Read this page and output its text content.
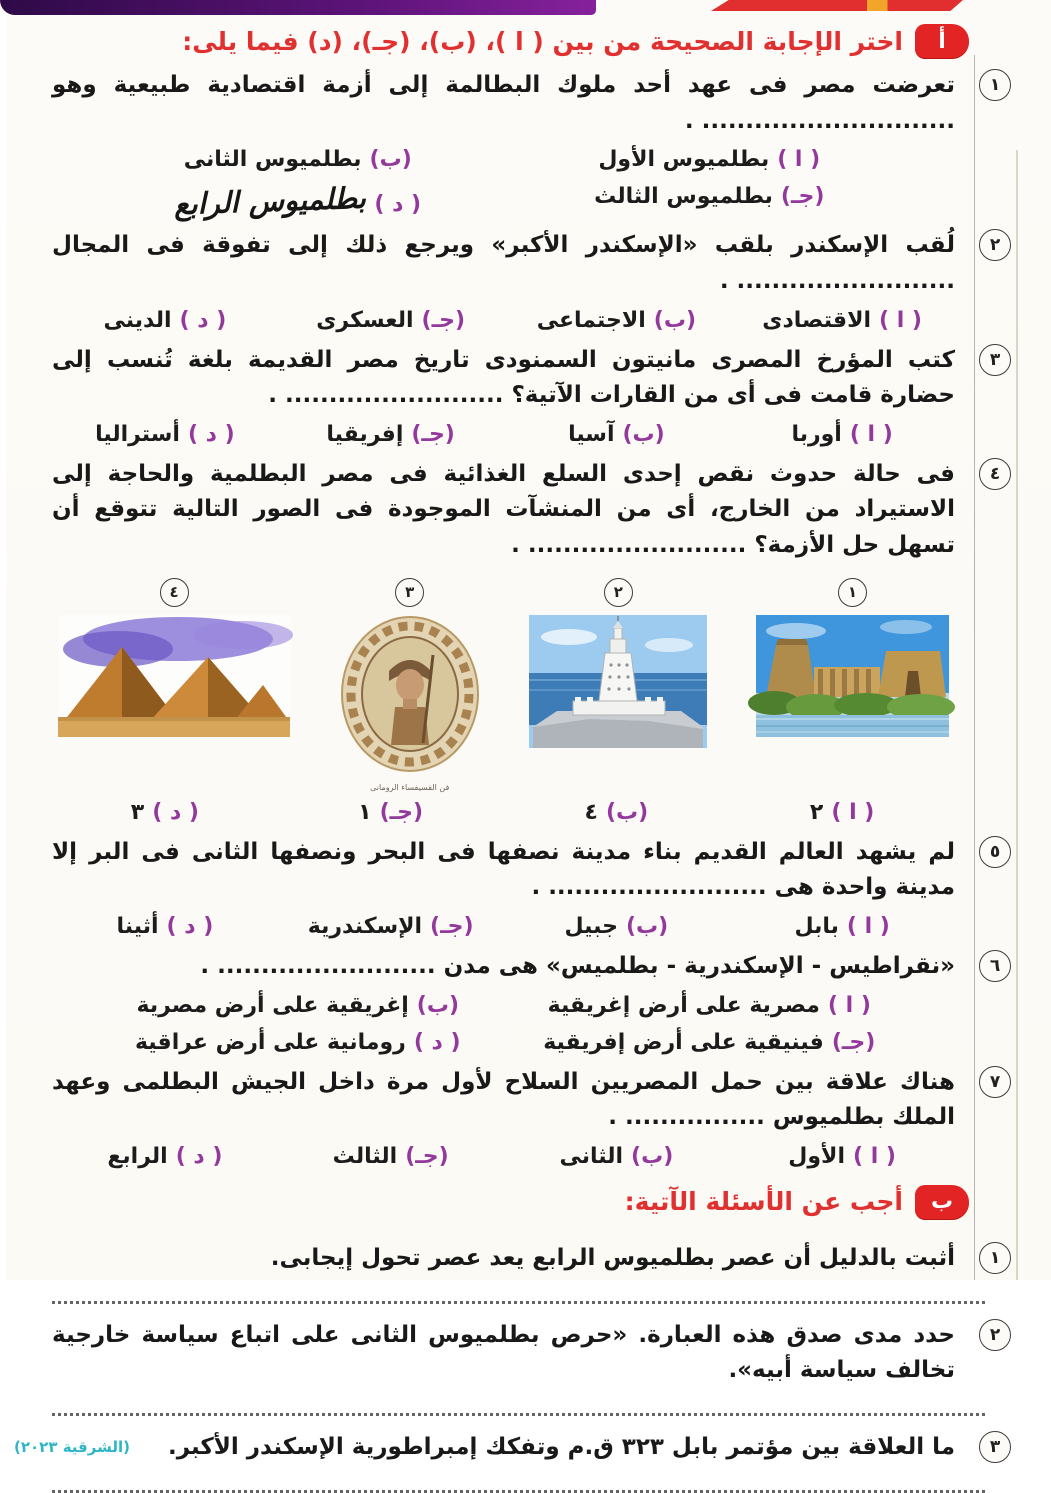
أ
اختر الإجابة الصحيحة من بين ( ا )، (ب)، (جـ)، (د) فيما يلى:
١
تعرضت مصر فى عهد أحد ملوك البطالمة إلى أزمة اقتصادية طبيعية وهو ............................. .
( ا )
بطلميوس الأول
(ب)
بطلميوس الثانى
(جـ)
بطلميوس الثالث
( د )
بطلميوس الرابع
٢
لُقب الإسكندر بلقب «الإسكندر الأكبر» ويرجع ذلك إلى تفوقة فى المجال ......................... .
( ا )
الاقتصادى
(ب)
الاجتماعى
(جـ)
العسكرى
( د )
الدينى
٣
كتب المؤرخ المصرى مانيتون السمنودى تاريخ مصر القديمة بلغة تُنسب إلى حضارة قامت فى أى من القارات الآتية؟ ......................... .
( ا )
أوربا
(ب)
آسيا
(جـ)
إفريقيا
( د )
أستراليا
٤
فى حالة حدوث نقص إحدى السلع الغذائية فى مصر البطلمية والحاجة إلى الاستيراد من الخارج، أى من المنشآت الموجودة فى الصور التالية تتوقع أن تسهل حل الأزمة؟ ......................... .
١
٢
٣
فن الفسيفساء الرومانى
٤
( ا )
٢
(ب)
٤
(جـ)
١
( د )
٣
٥
لم يشهد العالم القديم بناء مدينة نصفها فى البحر ونصفها الثانى فى البر إلا مدينة واحدة هى ......................... .
( ا )
بابل
(ب)
جبيل
(جـ)
الإسكندرية
( د )
أثينا
٦
«نقراطيس - الإسكندرية - بطلميس» هى مدن ......................... .
( ا )
مصرية على أرض إغريقية
(ب)
إغريقية على أرض مصرية
(جـ)
فينيقية على أرض إفريقية
( د )
رومانية على أرض عراقية
٧
هناك علاقة بين حمل المصريين السلاح لأول مرة داخل الجيش البطلمى وعهد الملك بطلميوس ................ .
( ا )
الأول
(ب)
الثانى
(جـ)
الثالث
( د )
الرابع
ب
أجب عن الأسئلة الآتية:
١
أثبت بالدليل أن عصر بطلميوس الرابع يعد عصر تحول إيجابى.
٢
حدد مدى صدق هذه العبارة. «حرص بطلميوس الثانى على اتباع سياسة خارجية تخالف سياسة أبيه».
٣
(الشرقية ٢٠٢٣)	ما العلاقة بين مؤتمر بابل ٣٢٣ ق.م وتفكك إمبراطورية الإسكندر الأكبر.
